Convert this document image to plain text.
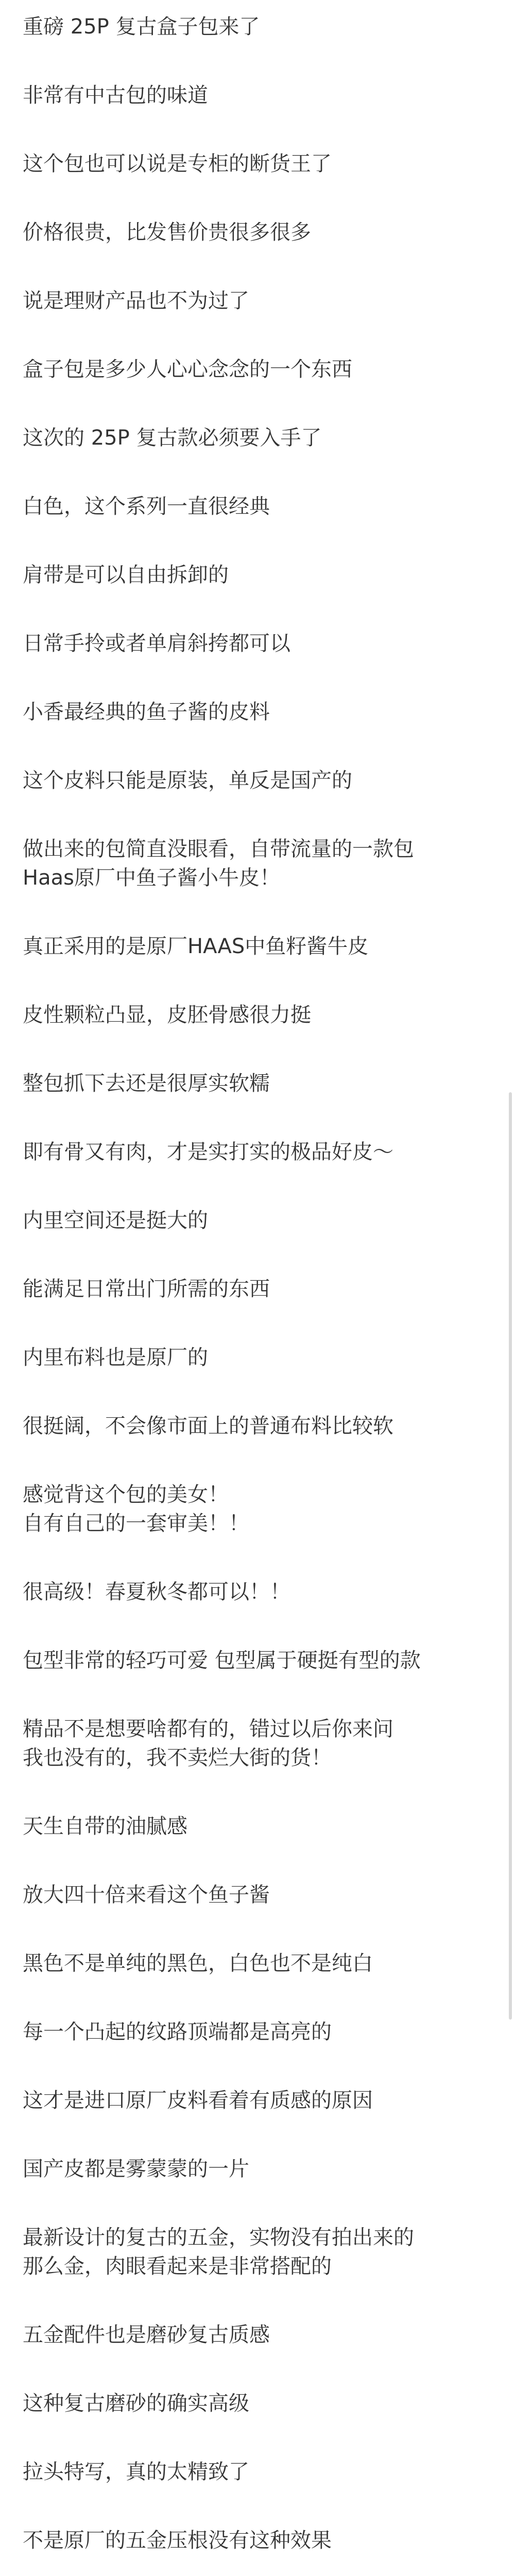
重磅 25P 复古盒子包来了
非常有中古包的味道
这个包也可以说是专柜的断货王了
价格很贵，比发售价贵很多很多
说是理财产品也不为过了
盒子包是多少人心心念念的一个东西
这次的 25P 复古款必须要入手了
白色，这个系列一直很经典
肩带是可以自由拆卸的
日常手拎或者单肩斜挎都可以
小香最经典的鱼子酱的皮料
这个皮料只能是原装，单反是国产的
做出来的包简直没眼看，自带流量的一款包
Haas原厂中鱼子酱小牛皮！
真正采用的是原厂HAAS中鱼籽酱牛皮
皮性颗粒凸显，皮胚骨感很力挺
整包抓下去还是很厚实软糯
即有骨又有肉，才是实打实的极品好皮～
内里空间还是挺大的
能满足日常出门所需的东西
内里布料也是原厂的
很挺阔，不会像市面上的普通布料比较软
感觉背这个包的美女！
自有自己的一套审美！！
很高级！春夏秋冬都可以！！
包型非常的轻巧可爱 包型属于硬挺有型的款
精品不是想要啥都有的，错过以后你来问
我也没有的，我不卖烂大街的货！
天生自带的油腻感
放大四十倍来看这个鱼子酱
黑色不是单纯的黑色，白色也不是纯白
每一个凸起的纹路顶端都是高亮的
这才是进口原厂皮料看着有质感的原因
国产皮都是雾蒙蒙的一片
最新设计的复古的五金，实物没有拍出来的
那么金，肉眼看起来是非常搭配的
五金配件也是磨砂复古质感
这种复古磨砂的确实高级
拉头特写，真的太精致了
不是原厂的五金压根没有这种效果
